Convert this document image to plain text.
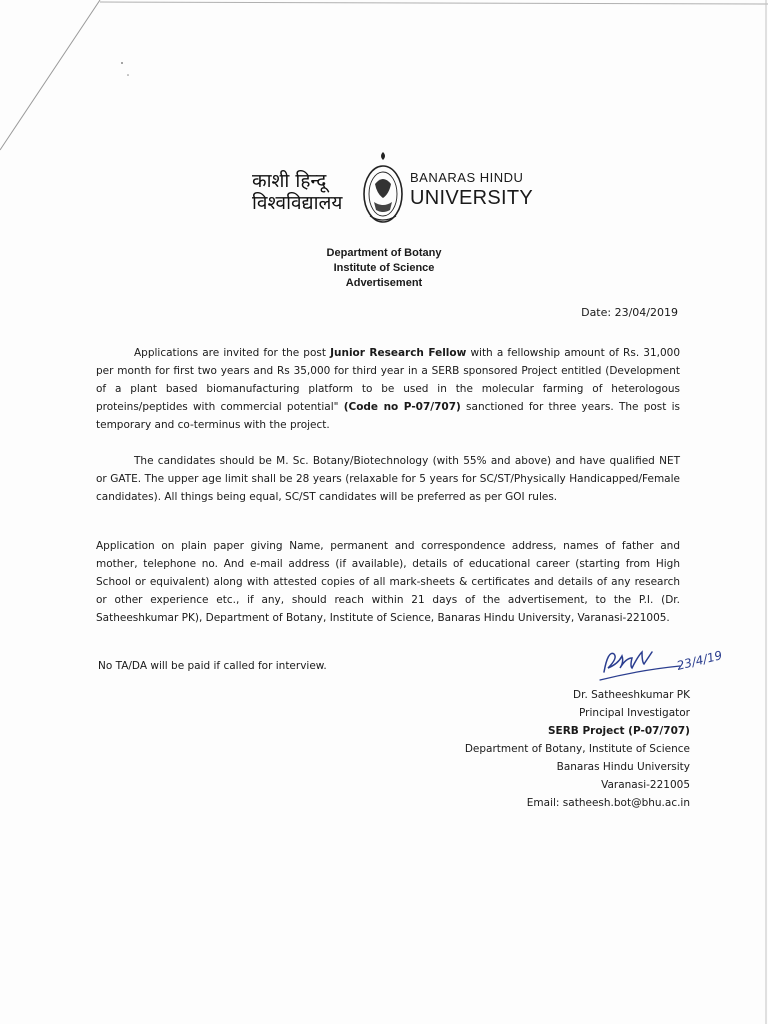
काशी हिन्दू
विश्वविद्यालय
BANARAS HINDU
UNIVERSITY
Department of Botany
Institute of Science
Advertisement
Date: 23/04/2019
Applications are invited for the post Junior Research Fellow with a fellowship amount of Rs. 31,000 per month for first two years and Rs 35,000 for third year in a SERB sponsored Project entitled (Development of a plant based biomanufacturing platform to be used in the molecular farming of heterologous proteins/peptides with commercial potential" (Code no P-07/707) sanctioned for three years. The post is temporary and co-terminus with the project.
The candidates should be M. Sc. Botany/Biotechnology (with 55% and above) and have qualified NET or GATE. The upper age limit shall be 28 years (relaxable for 5 years for SC/ST/Physically Handicapped/Female candidates). All things being equal, SC/ST candidates will be preferred as per GOI rules.
Application on plain paper giving Name, permanent and correspondence address, names of father and mother, telephone no. And e-mail address (if available), details of educational career (starting from High School or equivalent) along with attested copies of all mark-sheets & certificates and details of any research or other experience etc., if any, should reach within 21 days of the advertisement, to the P.I. (Dr. Satheeshkumar PK), Department of Botany, Institute of Science, Banaras Hindu University, Varanasi-221005.
No TA/DA will be paid if called for interview.	23/4/19
Dr. Satheeshkumar PK
Principal Investigator
SERB Project (P-07/707)
Department of Botany, Institute of Science
Banaras Hindu University
Varanasi-221005
Email: satheesh.bot@bhu.ac.in
